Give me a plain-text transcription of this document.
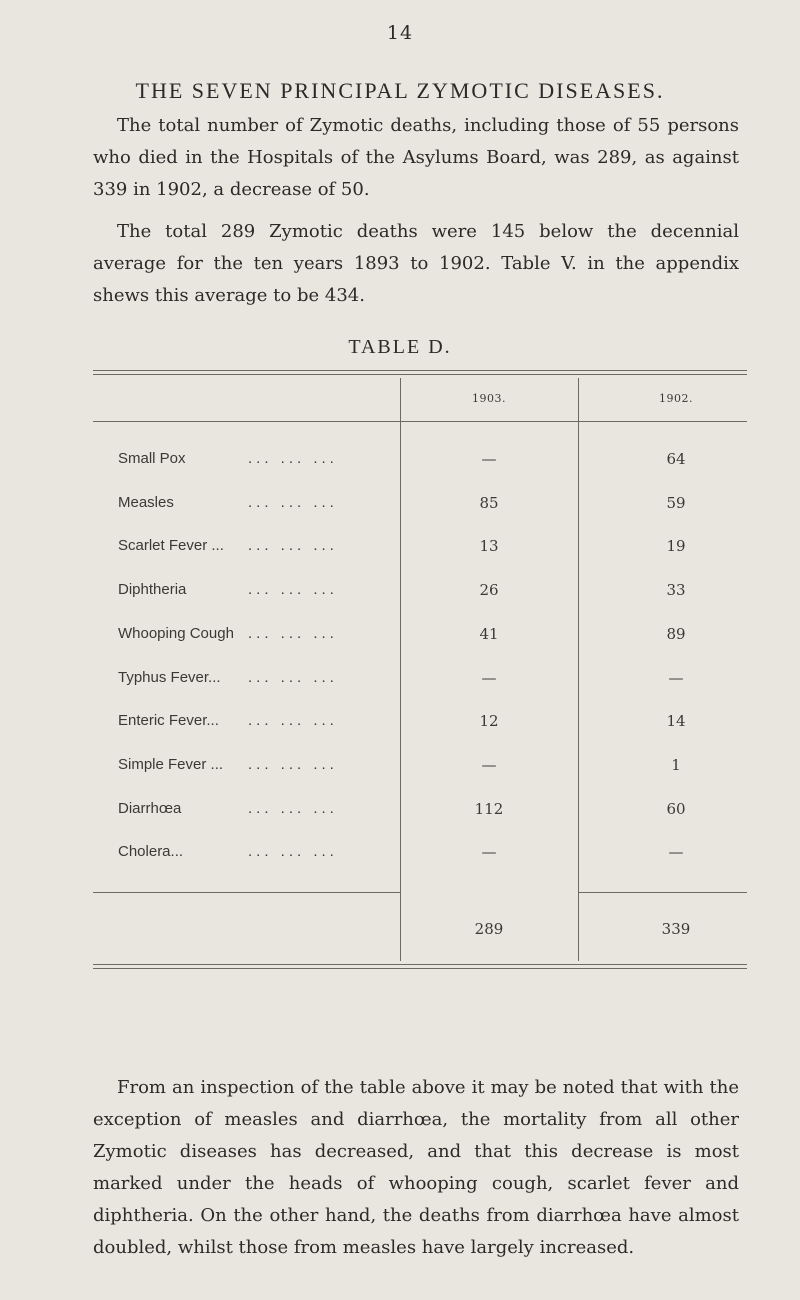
14
THE SEVEN PRINCIPAL ZYMOTIC DISEASES.
The total number of Zymotic deaths, including those of 55 persons who died in the Hospitals of the Asylums Board, was 289, as against 339 in 1902, a decrease of 50.
The total 289 Zymotic deaths were 145 below the decennial average for the ten years 1893 to 1902. Table V. in the appendix shews this average to be 434.
TABLE D.
1903.	1902.
Small Pox	... ... ...	—	64
Measles	... ... ...	85	59
Scarlet Fever ... ... ... ...	13	19
Diphtheria	... ... ...	26	33
Whooping Cough ... ... ...	41	89
Typhus Fever... ... ... ...	—	—
Enteric Fever... ... ... ...	12	14
Simple Fever ... ... ... ...	—	1
Diarrhœa	... ... ...	112	60
Cholera...	... ... ...	—	—
289	339
From an inspection of the table above it may be noted that with the exception of measles and diarrhœa, the mortality from all other Zymotic diseases has decreased, and that this decrease is most marked under the heads of whooping cough, scarlet fever and diphtheria. On the other hand, the deaths from diarrhœa have almost doubled, whilst those from measles have largely increased.
